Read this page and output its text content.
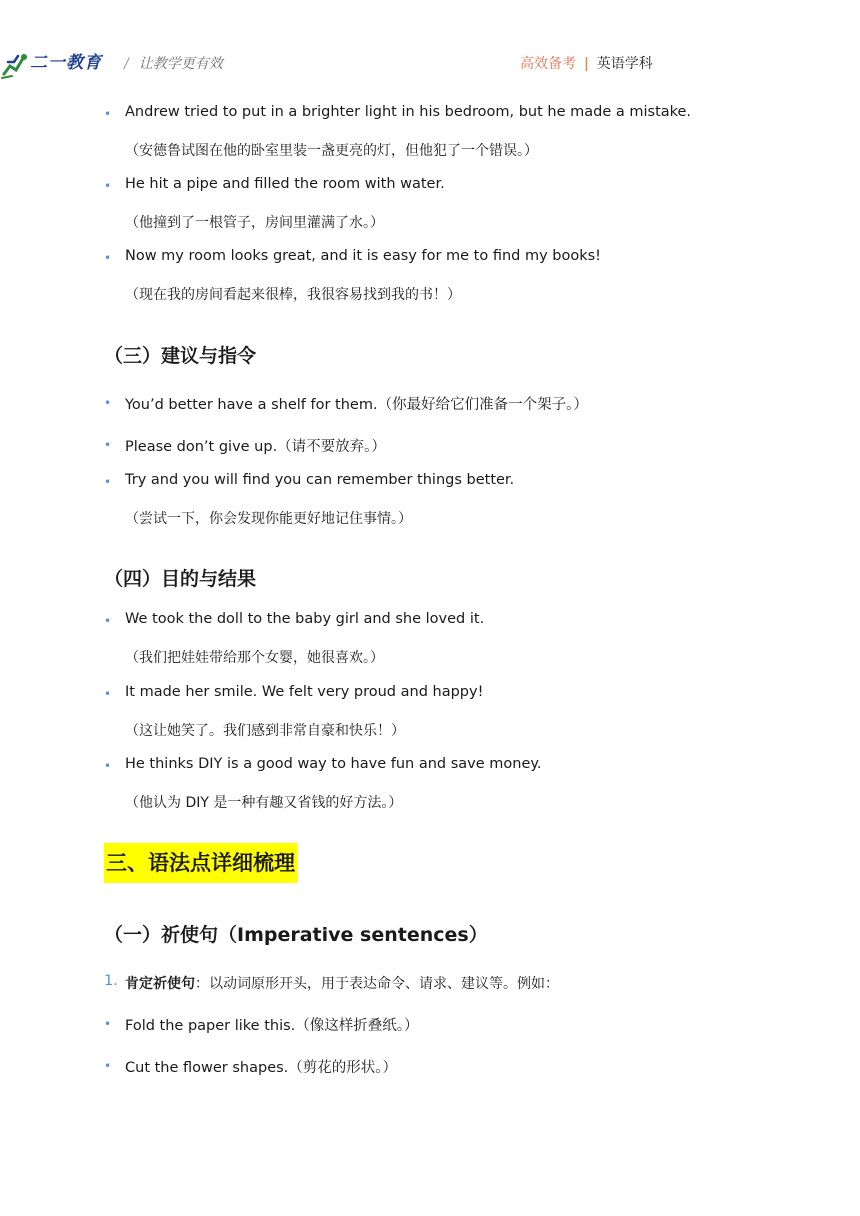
二一教育 / 让教学更有效	高效备考 | 英语学科
• Andrew tried to put in a brighter light in his bedroom, but he made a mistake.
（安德鲁试图在他的卧室里装一盏更亮的灯，但他犯了一个错误。）
• He hit a pipe and filled the room with water.
（他撞到了一根管子，房间里灌满了水。）
• Now my room looks great, and it is easy for me to find my books!
（现在我的房间看起来很棒，我很容易找到我的书！）
（三）建议与指令
• You’d better have a shelf for them.（你最好给它们准备一个架子。）
• Please don’t give up.（请不要放弃。）
• Try and you will find you can remember things better.
（尝试一下，你会发现你能更好地记住事情。）
（四）目的与结果
• We took the doll to the baby girl and she loved it.
（我们把娃娃带给那个女婴，她很喜欢。）
• It made her smile. We felt very proud and happy!
（这让她笑了。我们感到非常自豪和快乐！）
• He thinks DIY is a good way to have fun and save money.
（他认为 DIY 是一种有趣又省钱的好方法。）
三、语法点详细梳理
（一）祈使句（Imperative sentences）
1. 肯定祈使句：以动词原形开头，用于表达命令、请求、建议等。例如：
• Fold the paper like this.（像这样折叠纸。）
• Cut the flower shapes.（剪花的形状。）
